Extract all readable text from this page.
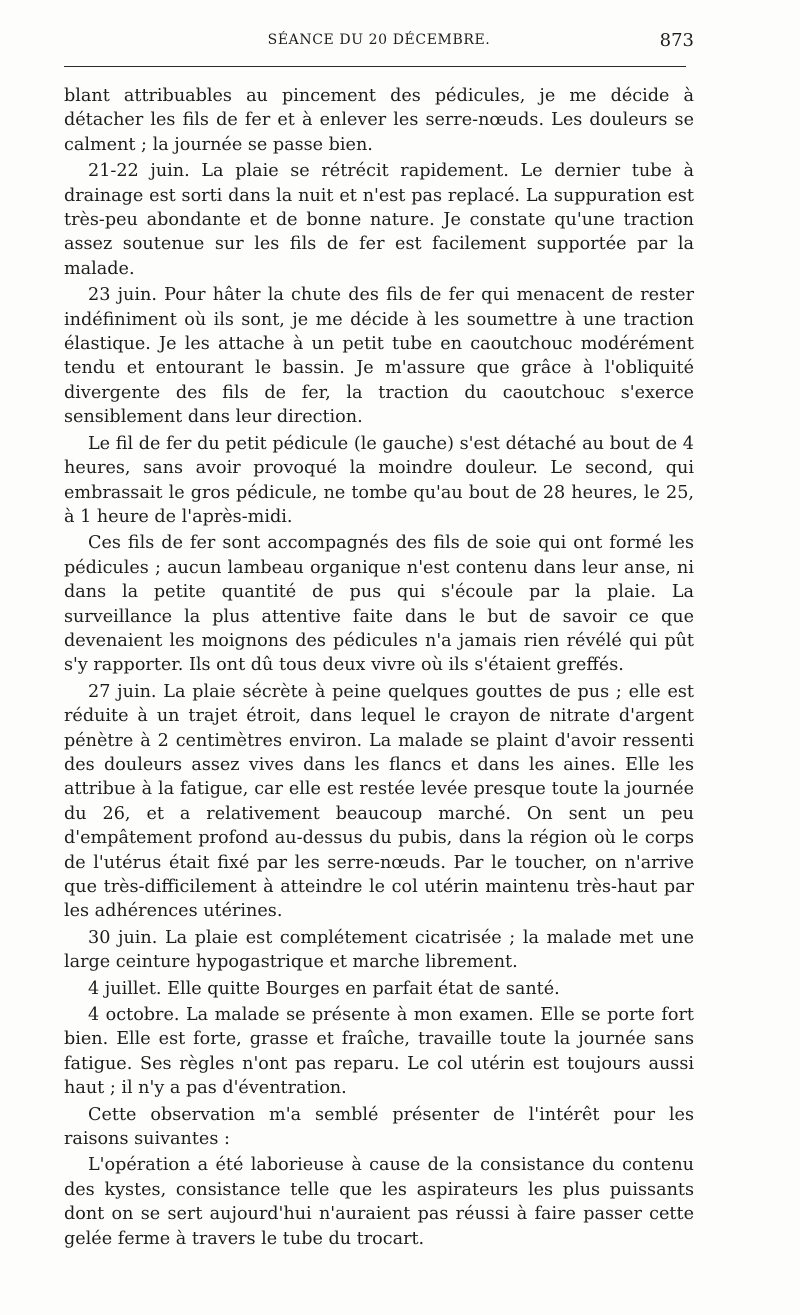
SÉANCE DU 20 DÉCEMBRE.	873

blant attribuables au pincement des pédicules, je me décide à détacher les fils de fer et à enlever les serre-nœuds. Les douleurs se calment ; la journée se passe bien.

21-22 juin. La plaie se rétrécit rapidement. Le dernier tube à drainage est sorti dans la nuit et n'est pas replacé. La suppuration est très-peu abondante et de bonne nature. Je constate qu'une traction assez soutenue sur les fils de fer est facilement supportée par la malade.

23 juin. Pour hâter la chute des fils de fer qui menacent de rester indéfiniment où ils sont, je me décide à les soumettre à une traction élastique. Je les attache à un petit tube en caoutchouc modérément tendu et entourant le bassin. Je m'assure que grâce à l'obliquité divergente des fils de fer, la traction du caoutchouc s'exerce sensiblement dans leur direction.

Le fil de fer du petit pédicule (le gauche) s'est détaché au bout de 4 heures, sans avoir provoqué la moindre douleur. Le second, qui embrassait le gros pédicule, ne tombe qu'au bout de 28 heures, le 25, à 1 heure de l'après-midi.

Ces fils de fer sont accompagnés des fils de soie qui ont formé les pédicules ; aucun lambeau organique n'est contenu dans leur anse, ni dans la petite quantité de pus qui s'écoule par la plaie. La surveillance la plus attentive faite dans le but de savoir ce que devenaient les moignons des pédicules n'a jamais rien révélé qui pût s'y rapporter. Ils ont dû tous deux vivre où ils s'étaient greffés.

27 juin. La plaie sécrète à peine quelques gouttes de pus ; elle est réduite à un trajet étroit, dans lequel le crayon de nitrate d'argent pénètre à 2 centimètres environ. La malade se plaint d'avoir ressenti des douleurs assez vives dans les flancs et dans les aines. Elle les attribue à la fatigue, car elle est restée levée presque toute la journée du 26, et a relativement beaucoup marché. On sent un peu d'empâtement profond au-dessus du pubis, dans la région où le corps de l'utérus était fixé par les serre-nœuds. Par le toucher, on n'arrive que très-difficilement à atteindre le col utérin maintenu très-haut par les adhérences utérines.

30 juin. La plaie est complétement cicatrisée ; la malade met une large ceinture hypogastrique et marche librement.

4 juillet. Elle quitte Bourges en parfait état de santé.

4 octobre. La malade se présente à mon examen. Elle se porte fort bien. Elle est forte, grasse et fraîche, travaille toute la journée sans fatigue. Ses règles n'ont pas reparu. Le col utérin est toujours aussi haut ; il n'y a pas d'éventration.

Cette observation m'a semblé présenter de l'intérêt pour les raisons suivantes :

L'opération a été laborieuse à cause de la consistance du contenu des kystes, consistance telle que les aspirateurs les plus puissants dont on se sert aujourd'hui n'auraient pas réussi à faire passer cette gelée ferme à travers le tube du trocart.
